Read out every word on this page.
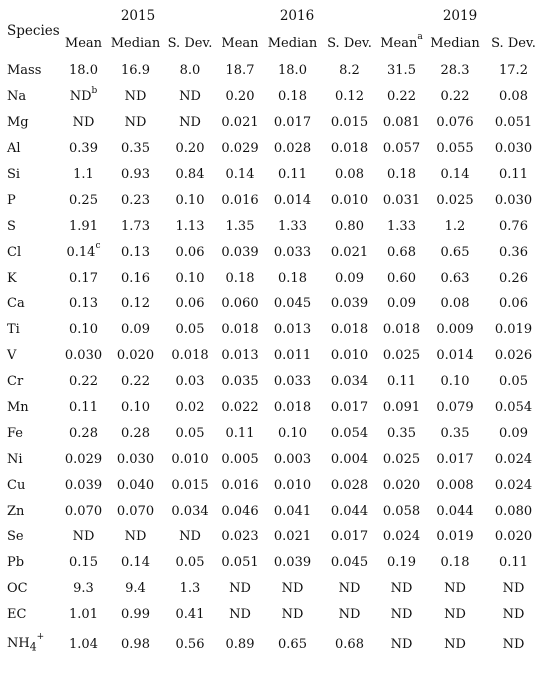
Species	2015			2016			2019		
	Mean	Median	S. Dev.	Mean	Median	S. Dev.	Mean$^a$	Median	S. Dev.
Mass	18.0	16.9	8.0	18.7	18.0	8.2	31.5	28.3	17.2
Na	$ND^b$	ND	ND	0.20	0.18	0.12	0.22	0.22	0.08
Mg	ND	ND	ND	0.021	0.017	0.015	0.081	0.076	0.051
Al	0.39	0.35	0.20	0.029	0.028	0.018	0.057	0.055	0.030
Si	1.1	0.93	0.84	0.14	0.11	0.08	0.18	0.14	0.11
P	0.25	0.23	0.10	0.016	0.014	0.010	0.031	0.025	0.030
S	1.91	1.73	1.13	1.35	1.33	0.80	1.33	1.2	0.76
Cl	0.14$^c$	0.13	0.06	0.039	0.033	0.021	0.68	0.65	0.36
K	0.17	0.16	0.10	0.18	0.18	0.09	0.60	0.63	0.26
Ca	0.13	0.12	0.06	0.060	0.045	0.039	0.09	0.08	0.06
Ti	0.10	0.09	0.05	0.018	0.013	0.018	0.018	0.009	0.019
V	0.030	0.020	0.018	0.013	0.011	0.010	0.025	0.014	0.026
Cr	0.22	0.22	0.03	0.035	0.033	0.034	0.11	0.10	0.05
Mn	0.11	0.10	0.02	0.022	0.018	0.017	0.091	0.079	0.054
Fe	0.28	0.28	0.05	0.11	0.10	0.054	0.35	0.35	0.09
Ni	0.029	0.030	0.010	0.005	0.003	0.004	0.025	0.017	0.024
Cu	0.039	0.040	0.015	0.016	0.010	0.028	0.020	0.008	0.024
Zn	0.070	0.070	0.034	0.046	0.041	0.044	0.058	0.044	0.080
Se	ND	ND	ND	0.023	0.021	0.017	0.024	0.019	0.020
Pb	0.15	0.14	0.05	0.051	0.039	0.045	0.19	0.18	0.11
OC	9.3	9.4	1.3	ND	ND	ND	ND	ND	ND
EC	1.01	0.99	0.41	ND	ND	ND	ND	ND	ND
$NH_4^+$	1.04	0.98	0.56	0.89	0.65	0.68	ND	ND	ND
